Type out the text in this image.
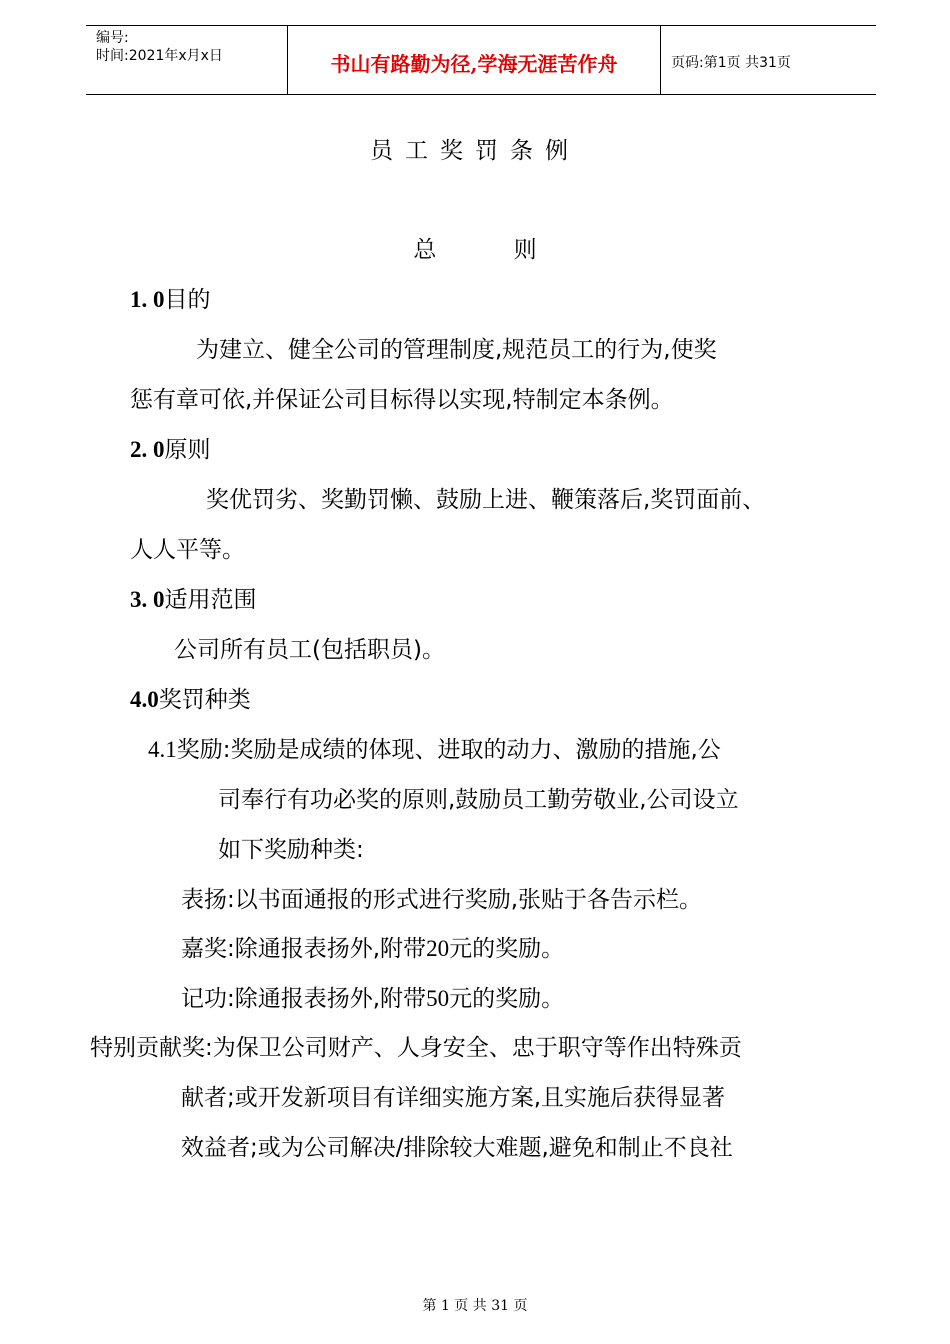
编号:
时间:2021年x月x日	书山有路勤为径,学海无涯苦作舟	页码:第1页 共31页
员工奖罚条例
总 则
1. 0目的
为建立、健全公司的管理制度,规范员工的行为,使奖
惩有章可依,并保证公司目标得以实现,特制定本条例。
2. 0原则
奖优罚劣、奖勤罚懒、鼓励上进、鞭策落后,奖罚面前、
人人平等。
3. 0适用范围
公司所有员工(包括职员)。
4.0奖罚种类
4.1奖励:奖励是成绩的体现、进取的动力、激励的措施,公
司奉行有功必奖的原则,鼓励员工勤劳敬业,公司设立
如下奖励种类:
表扬:以书面通报的形式进行奖励,张贴于各告示栏。
嘉奖:除通报表扬外,附带20元的奖励。
记功:除通报表扬外,附带50元的奖励。
特别贡献奖:为保卫公司财产、人身安全、忠于职守等作出特殊贡
献者;或开发新项目有详细实施方案,且实施后获得显著
效益者;或为公司解决/排除较大难题,避免和制止不良社
第 1 页 共 31 页
